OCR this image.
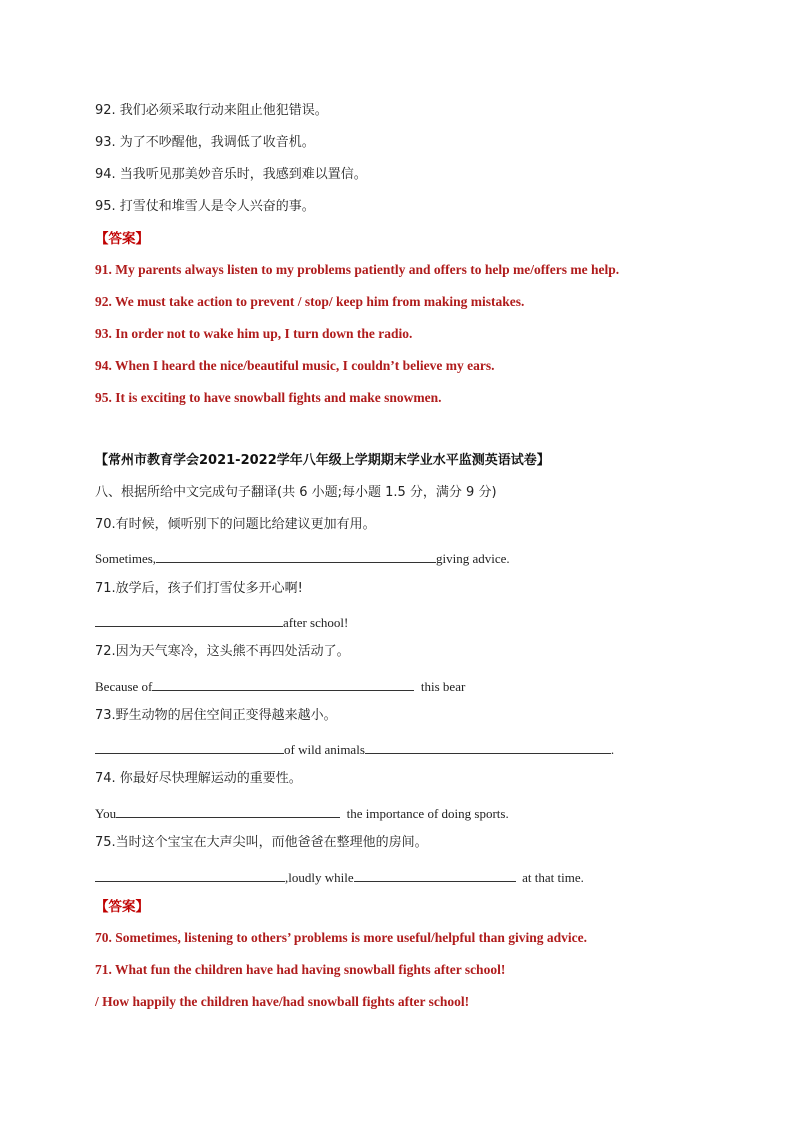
92. 我们必须采取行动来阻止他犯错误。
93. 为了不吵醒他，我调低了收音机。
94. 当我听见那美妙音乐时，我感到难以置信。
95. 打雪仗和堆雪人是令人兴奋的事。
【答案】
91. My parents always listen to my problems patiently and offers to help me/offers me help.
92. We must take action to prevent / stop/ keep him from making mistakes.
93. In order not to wake him up, I turn down the radio.
94. When I heard the nice/beautiful music, I couldn’t believe my ears.
95. It is exciting to have snowball fights and make snowmen.
【常州市教育学会2021-2022学年八年级上学期期末学业水平监测英语试卷】
八、根据所给中文完成句子翻译(共 6 小题;每小题 1.5 分，满分 9 分)
70.有时候，倾听别下的问题比给建议更加有用。
Sometimes,	giving advice.
71.放学后，孩子们打雪仗多开心啊!
after school!
72.因为天气寒冷，这头熊不再四处活动了。
Because of	this bear
73.野生动物的居住空间正变得越来越小。
of wild animals	.
74. 你最好尽快理解运动的重要性。
You	the importance of doing sports.
75.当时这个宝宝在大声尖叫，而他爸爸在整理他的房间。
,loudly while	at that time.
【答案】
70. Sometimes, listening to others’ problems is more useful/helpful than giving advice.
71. What fun the children have had having snowball fights after school!
/ How happily the children have/had snowball fights after school!
